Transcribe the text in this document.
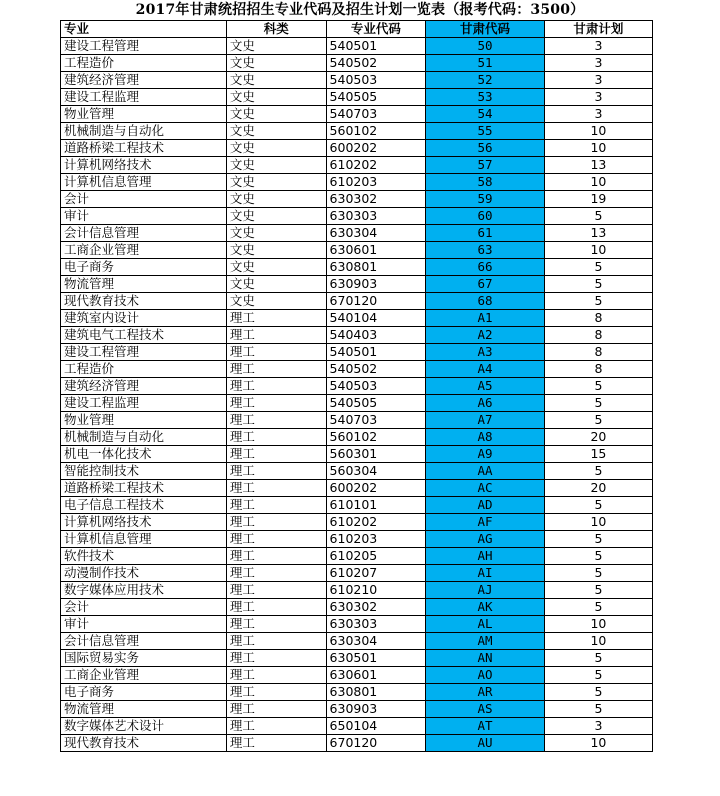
2017年甘肃统招招生专业代码及招生计划一览表（报考代码：3500）
专业	科类	专业代码	甘肃代码	甘肃计划
建设工程管理	文史	540501	50	3
工程造价	文史	540502	51	3
建筑经济管理	文史	540503	52	3
建设工程监理	文史	540505	53	3
物业管理	文史	540703	54	3
机械制造与自动化	文史	560102	55	10
道路桥梁工程技术	文史	600202	56	10
计算机网络技术	文史	610202	57	13
计算机信息管理	文史	610203	58	10
会计	文史	630302	59	19
审计	文史	630303	60	5
会计信息管理	文史	630304	61	13
工商企业管理	文史	630601	63	10
电子商务	文史	630801	66	5
物流管理	文史	630903	67	5
现代教育技术	文史	670120	68	5
建筑室内设计	理工	540104	A1	8
建筑电气工程技术	理工	540403	A2	8
建设工程管理	理工	540501	A3	8
工程造价	理工	540502	A4	8
建筑经济管理	理工	540503	A5	5
建设工程监理	理工	540505	A6	5
物业管理	理工	540703	A7	5
机械制造与自动化	理工	560102	A8	20
机电一体化技术	理工	560301	A9	15
智能控制技术	理工	560304	AA	5
道路桥梁工程技术	理工	600202	AC	20
电子信息工程技术	理工	610101	AD	5
计算机网络技术	理工	610202	AF	10
计算机信息管理	理工	610203	AG	5
软件技术	理工	610205	AH	5
动漫制作技术	理工	610207	AI	5
数字媒体应用技术	理工	610210	AJ	5
会计	理工	630302	AK	5
审计	理工	630303	AL	10
会计信息管理	理工	630304	AM	10
国际贸易实务	理工	630501	AN	5
工商企业管理	理工	630601	AO	5
电子商务	理工	630801	AR	5
物流管理	理工	630903	AS	5
数字媒体艺术设计	理工	650104	AT	3
现代教育技术	理工	670120	AU	10
